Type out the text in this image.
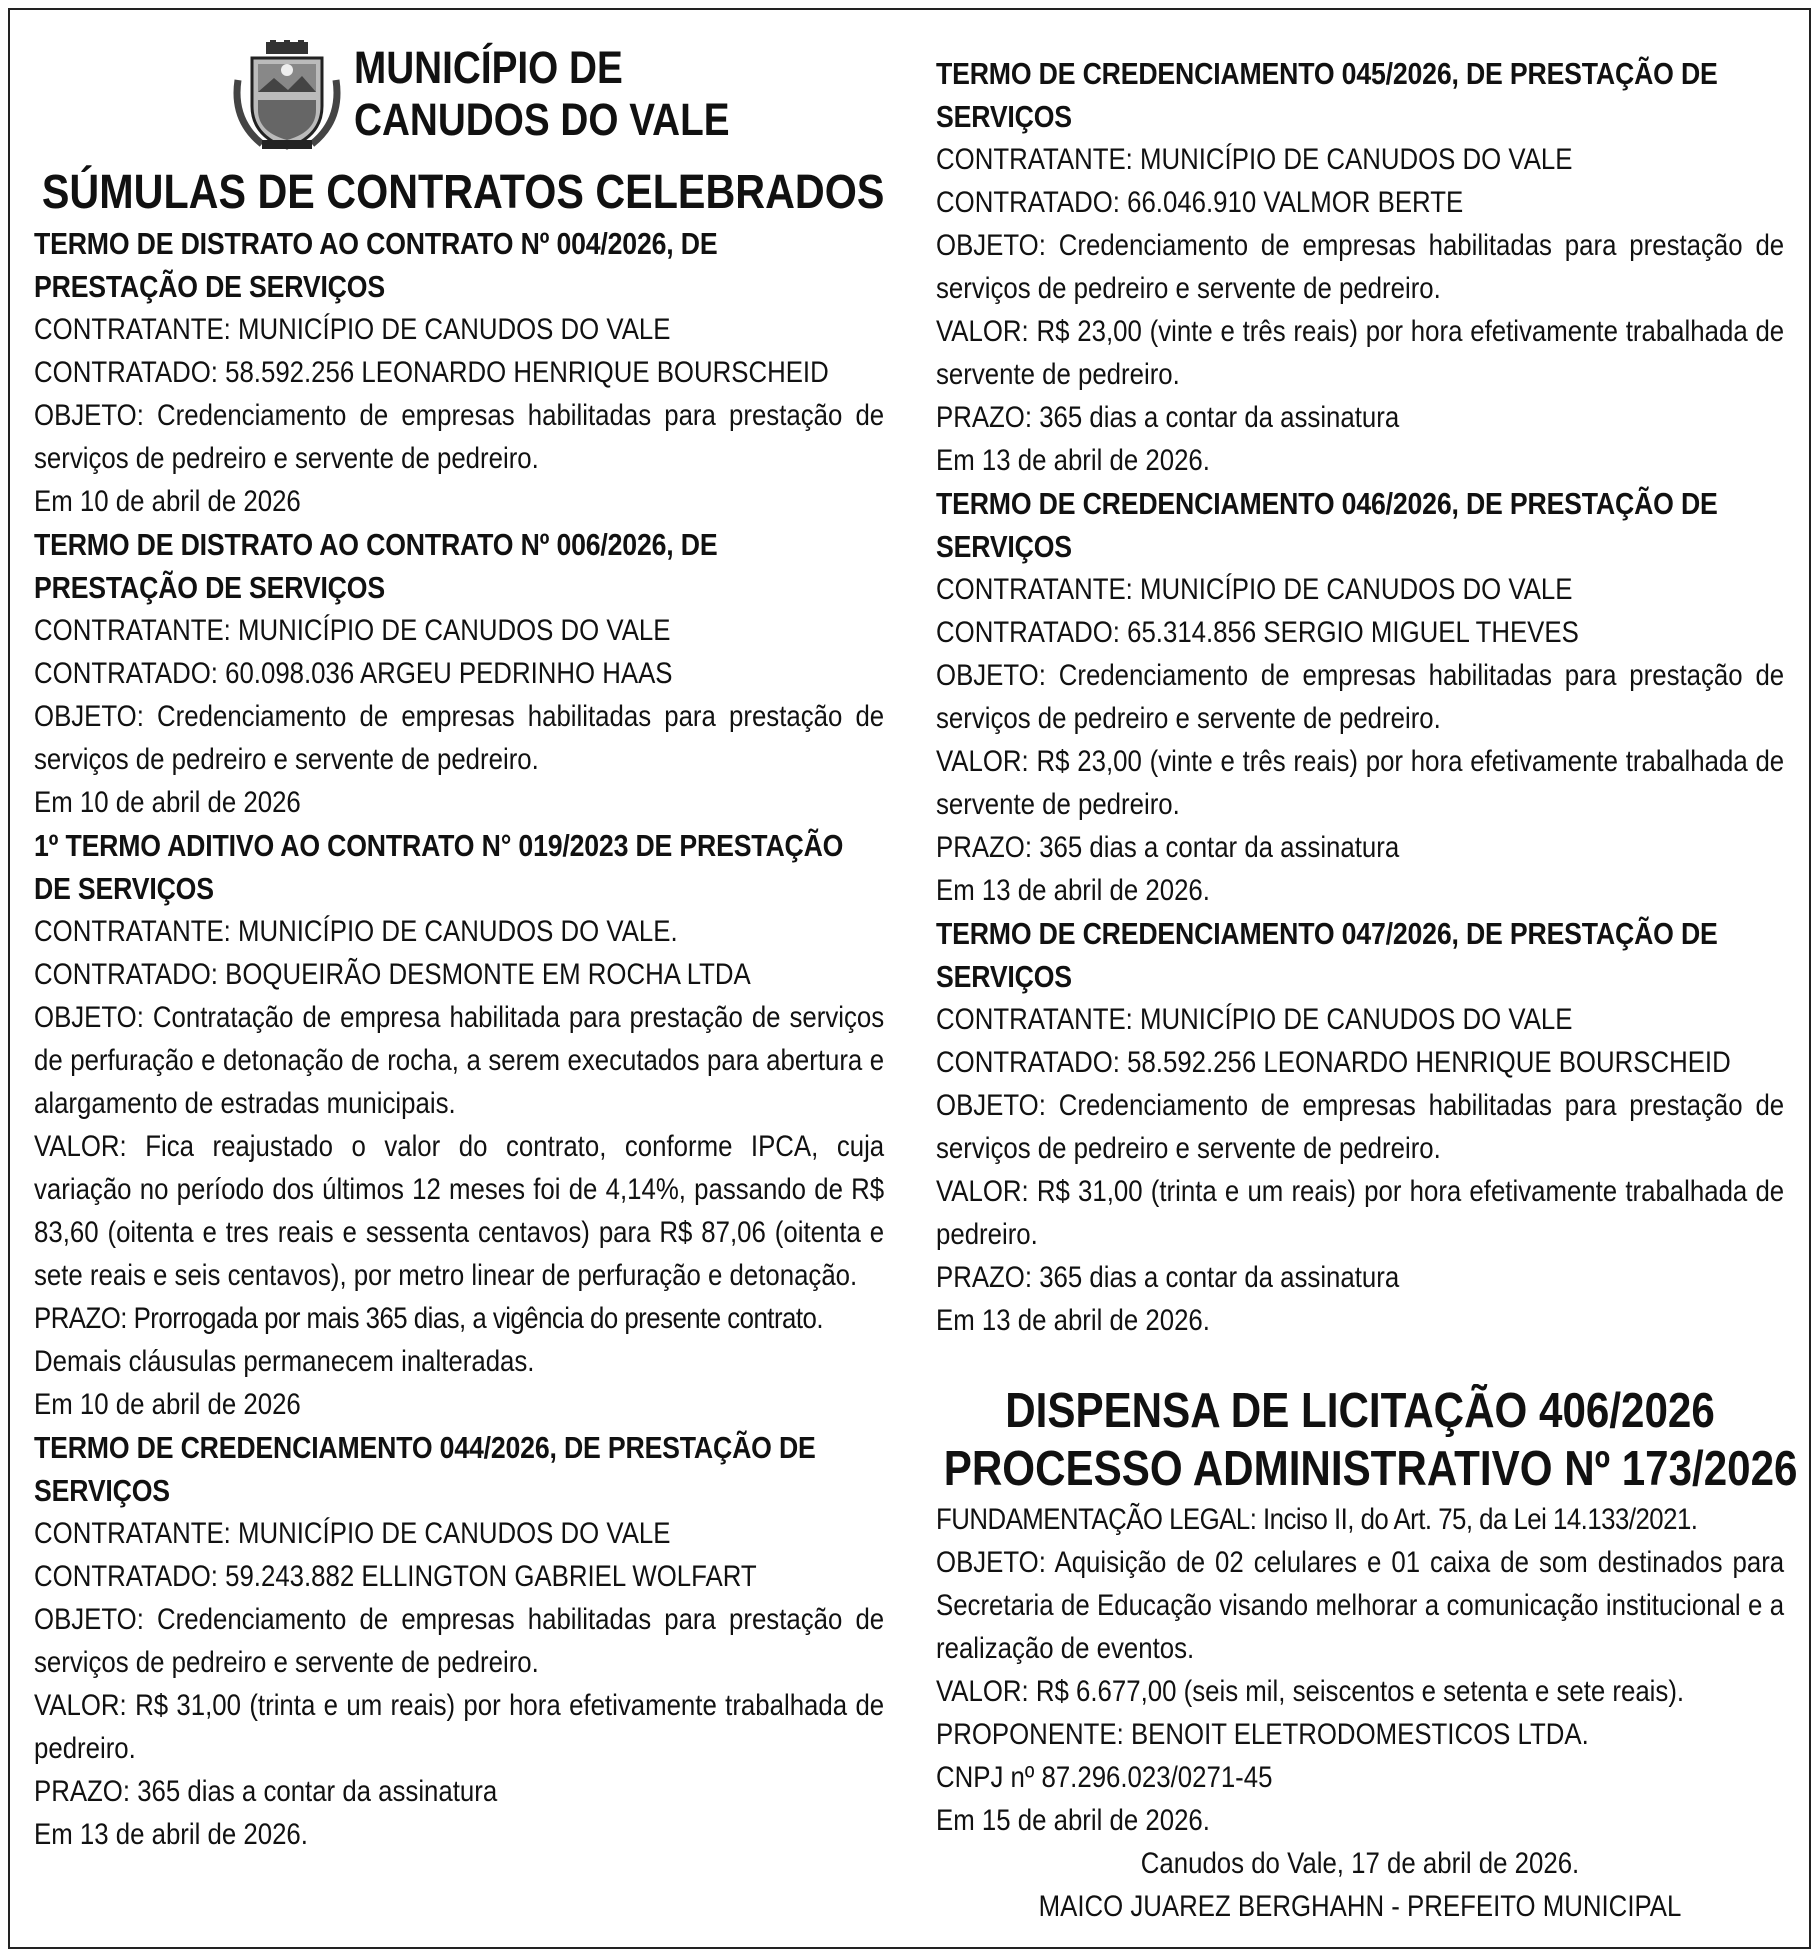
MUNICÍPIO DE
CANUDOS DO VALE
SÚMULAS DE CONTRATOS CELEBRADOS
TERMO DE DISTRATO AO CONTRATO Nº 004/2026, DE PRESTAÇÃO DE SERVIÇOS
CONTRATANTE: MUNICÍPIO DE CANUDOS DO VALE
CONTRATADO: 58.592.256 LEONARDO HENRIQUE BOURSCHEID
OBJETO: Credenciamento de empresas habilitadas para prestação de serviços de pedreiro e servente de pedreiro.
Em 10 de abril de 2026
TERMO DE DISTRATO AO CONTRATO Nº 006/2026, DE PRESTAÇÃO DE SERVIÇOS
CONTRATANTE: MUNICÍPIO DE CANUDOS DO VALE
CONTRATADO: 60.098.036 ARGEU PEDRINHO HAAS
OBJETO: Credenciamento de empresas habilitadas para prestação de serviços de pedreiro e servente de pedreiro.
Em 10 de abril de 2026
1º TERMO ADITIVO AO CONTRATO N° 019/2023 DE PRESTAÇÃO DE SERVIÇOS
CONTRATANTE: MUNICÍPIO DE CANUDOS DO VALE.
CONTRATADO: BOQUEIRÃO DESMONTE EM ROCHA LTDA
OBJETO: Contratação de empresa habilitada para prestação de serviços de perfuração e detonação de rocha, a serem executados para abertura e alargamento de estradas municipais.
VALOR: Fica reajustado o valor do contrato, conforme IPCA, cuja variação no período dos últimos 12 meses foi de 4,14%, passando de R$ 83,60 (oitenta e tres reais e sessenta centavos) para R$ 87,06 (oitenta e sete reais e seis centavos), por metro linear de perfuração e detonação.
PRAZO: Prorrogada por mais 365 dias, a vigência do presente contrato.
Demais cláusulas permanecem inalteradas.
Em 10 de abril de 2026
TERMO DE CREDENCIAMENTO 044/2026, DE PRESTAÇÃO DE SERVIÇOS
CONTRATANTE: MUNICÍPIO DE CANUDOS DO VALE
CONTRATADO: 59.243.882 ELLINGTON GABRIEL WOLFART
OBJETO: Credenciamento de empresas habilitadas para prestação de serviços de pedreiro e servente de pedreiro.
VALOR: R$ 31,00 (trinta e um reais) por hora efetivamente trabalhada de pedreiro.
PRAZO: 365 dias a contar da assinatura
Em 13 de abril de 2026.
TERMO DE CREDENCIAMENTO 045/2026, DE PRESTAÇÃO DE SERVIÇOS
CONTRATANTE: MUNICÍPIO DE CANUDOS DO VALE
CONTRATADO: 66.046.910 VALMOR BERTE
OBJETO: Credenciamento de empresas habilitadas para prestação de serviços de pedreiro e servente de pedreiro.
VALOR: R$ 23,00 (vinte e três reais) por hora efetivamente trabalhada de servente de pedreiro.
PRAZO: 365 dias a contar da assinatura
Em 13 de abril de 2026.
TERMO DE CREDENCIAMENTO 046/2026, DE PRESTAÇÃO DE SERVIÇOS
CONTRATANTE: MUNICÍPIO DE CANUDOS DO VALE
CONTRATADO: 65.314.856 SERGIO MIGUEL THEVES
OBJETO: Credenciamento de empresas habilitadas para prestação de serviços de pedreiro e servente de pedreiro.
VALOR: R$ 23,00 (vinte e três reais) por hora efetivamente trabalhada de servente de pedreiro.
PRAZO: 365 dias a contar da assinatura
Em 13 de abril de 2026.
TERMO DE CREDENCIAMENTO 047/2026, DE PRESTAÇÃO DE SERVIÇOS
CONTRATANTE: MUNICÍPIO DE CANUDOS DO VALE
CONTRATADO: 58.592.256 LEONARDO HENRIQUE BOURSCHEID
OBJETO: Credenciamento de empresas habilitadas para prestação de serviços de pedreiro e servente de pedreiro.
VALOR: R$ 31,00 (trinta e um reais) por hora efetivamente trabalhada de pedreiro.
PRAZO: 365 dias a contar da assinatura
Em 13 de abril de 2026.
DISPENSA DE LICITAÇÃO 406/2026
PROCESSO ADMINISTRATIVO Nº 173/2026
FUNDAMENTAÇÃO LEGAL: Inciso II, do Art. 75, da Lei 14.133/2021.
OBJETO: Aquisição de 02 celulares e 01 caixa de som destinados para Secretaria de Educação visando melhorar a comunicação institucional e a realização de eventos.
VALOR: R$ 6.677,00 (seis mil, seiscentos e setenta e sete reais).
PROPONENTE: BENOIT ELETRODOMESTICOS LTDA.
CNPJ nº 87.296.023/0271-45
Em 15 de abril de 2026.
Canudos do Vale, 17 de abril de 2026.
MAICO JUAREZ BERGHAHN - PREFEITO MUNICIPAL
